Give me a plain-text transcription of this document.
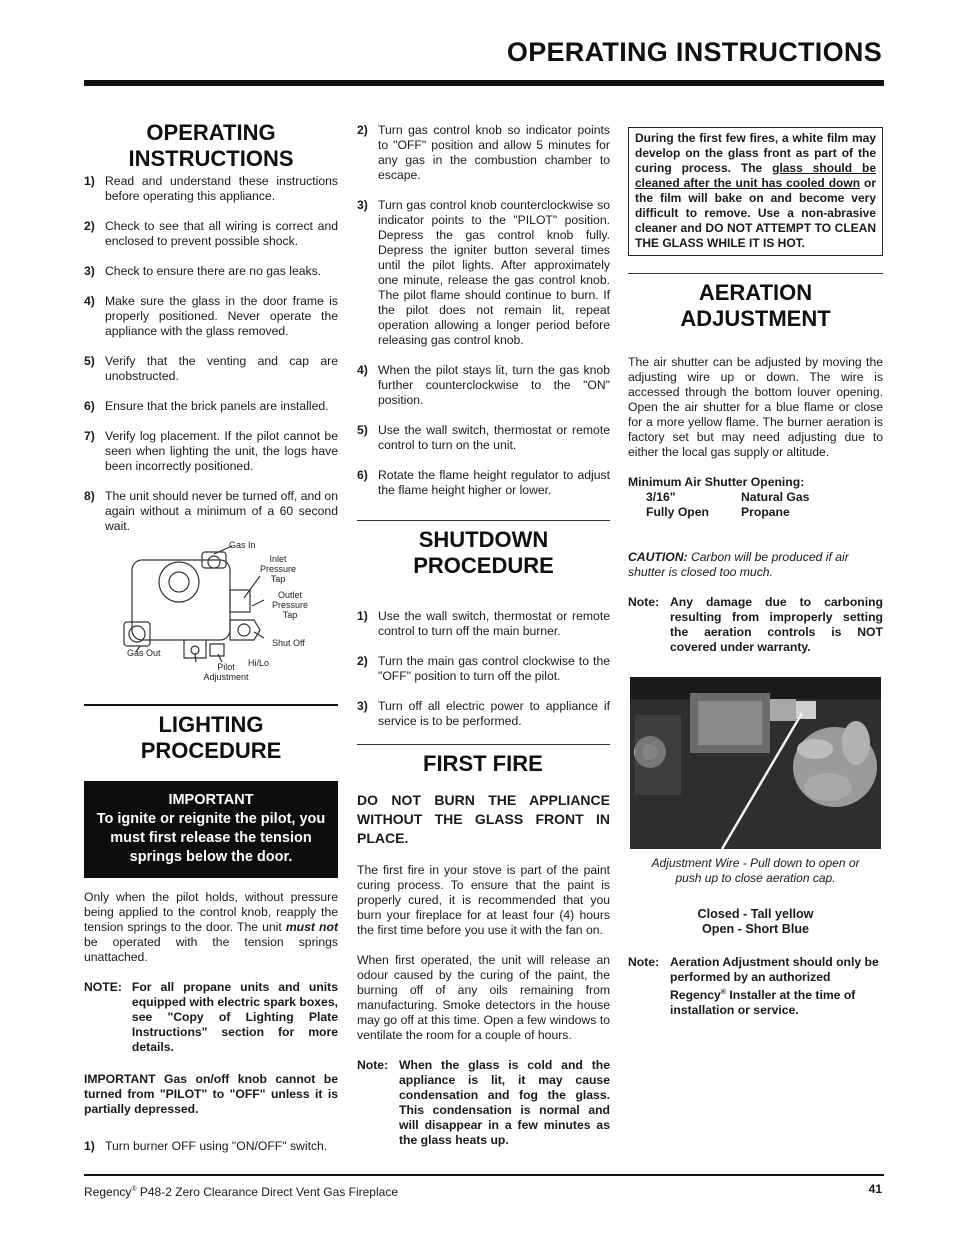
OPERATING INSTRUCTIONS
OPERATING INSTRUCTIONS
1) Read and understand these instructions before operating this appliance.
2) Check to see that all wiring is correct and enclosed to prevent possible shock.
3) Check to ensure there are no gas leaks.
4) Make sure the glass in the door frame is properly positioned. Never operate the appliance with the glass removed.
5) Verify that the venting and cap are unobstructed.
6) Ensure that the brick panels are installed.
7) Verify log placement. If the pilot cannot be seen when lighting the unit, the logs have been incorrectly positioned.
8) The unit should never be turned off, and on again without a minimum of a 60 second wait.
Gas In
Inlet Pressure Tap
Outlet Pressure Tap
Shut Off
Gas Out
Hi/Lo
Pilot Adjustment
LIGHTING PROCEDURE
IMPORTANT
To ignite or reignite the pilot, you must first release the tension springs below the door.

Only when the pilot holds, without pressure being applied to the control knob, reapply the tension springs to the door. The unit must not be operated with the tension springs unattached.

NOTE: For all propane units and units equipped with electric spark boxes, see "Copy of Lighting Plate Instructions" section for more details.

IMPORTANT Gas on/off knob cannot be turned from "PILOT" to "OFF" unless it is partially depressed.

1) Turn burner OFF using "ON/OFF" switch.
2) Turn gas control knob so indicator points to "OFF" position and allow 5 minutes for any gas in the combustion chamber to escape.
3) Turn gas control knob counterclockwise so indicator points to the "PILOT" position. Depress the gas control knob fully. Depress the igniter button several times until the pilot lights. After approximately one minute, release the gas control knob. The pilot flame should continue to burn. If the pilot does not remain lit, repeat operation allowing a longer period before releasing gas control knob.
4) When the pilot stays lit, turn the gas knob further counterclockwise to the "ON" position.
5) Use the wall switch, thermostat or remote control to turn on the unit.
6) Rotate the flame height regulator to adjust the flame height higher or lower.
SHUTDOWN PROCEDURE
1) Use the wall switch, thermostat or remote control to turn off the main burner.
2) Turn the main gas control clockwise to the "OFF" position to turn off the pilot.
3) Turn off all electric power to appliance if service is to be performed.
FIRST FIRE
DO NOT BURN THE APPLIANCE WITHOUT THE GLASS FRONT IN PLACE.

The first fire in your stove is part of the paint curing process. To ensure that the paint is properly cured, it is recommended that you burn your fireplace for at least four (4) hours the first time before you use it with the fan on.

When first operated, the unit will release an odour caused by the curing of the paint, the burning off of any oils remaining from manufacturing. Smoke detectors in the house may go off at this time. Open a few windows to ventilate the room for a couple of hours.

Note: When the glass is cold and the appliance is lit, it may cause condensation and fog the glass. This condensation is normal and will disappear in a few minutes as the glass heats up.
During the first few fires, a white film may develop on the glass front as part of the curing process. The glass should be cleaned after the unit has cooled down or the film will bake on and become very difficult to remove. Use a non-abrasive cleaner and DO NOT ATTEMPT TO CLEAN THE GLASS WHILE IT IS HOT.
AERATION ADJUSTMENT

The air shutter can be adjusted by moving the adjusting wire up or down. The wire is accessed through the bottom louver opening. Open the air shutter for a blue flame or close for a more yellow flame. The burner aeration is factory set but may need adjusting due to either the local gas supply or altitude.

Minimum Air Shutter Opening:
3/16"	Natural Gas
Fully Open	Propane

CAUTION: Carbon will be produced if air shutter is closed too much.

Note: Any damage due to carboning resulting from improperly setting the aeration controls is NOT covered under warranty.
Adjustment Wire - Pull down to open or push up to close aeration cap.
Closed - Tall yellow
Open - Short Blue
Note: Aeration Adjustment should only be performed by an authorized Regency® Installer at the time of installation or service.
Regency® P48-2 Zero Clearance Direct Vent Gas Fireplace	41
